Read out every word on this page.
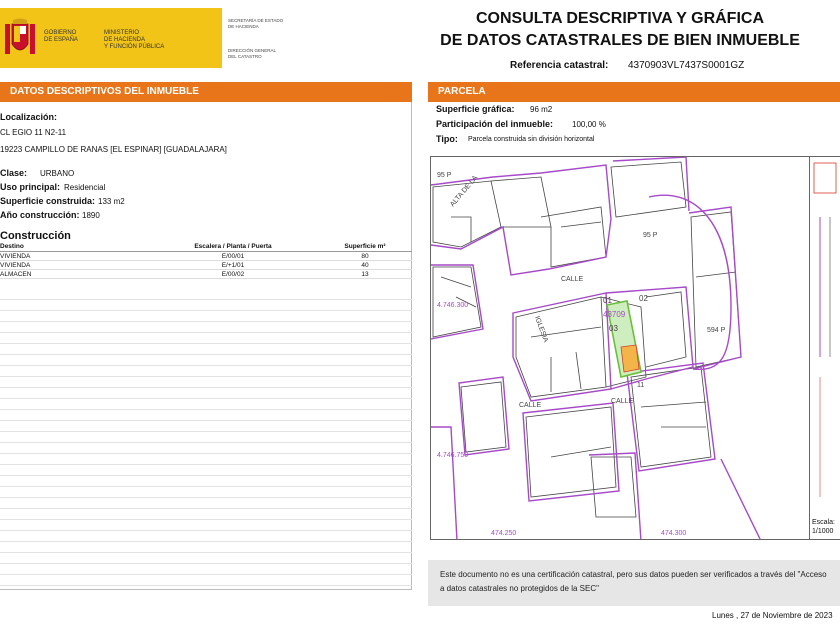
GOBIERNO
DE ESPAÑA
MINISTERIO
DE HACIENDA
Y FUNCIÓN PÚBLICA
SECRETARÍA DE ESTADO
DE HACIENDA
DIRECCIÓN GENERAL
DEL CATASTRO
CONSULTA DESCRIPTIVA Y GRÁFICA
DE DATOS CATASTRALES DE BIEN INMUEBLE
Referencia catastral: 4370903VL7437S0001GZ
DATOS DESCRIPTIVOS DEL INMUEBLE
Localización:
CL EGIO 11 N2-11
19223 CAMPILLO DE RANAS [EL ESPINAR] [GUADALAJARA]
Clase: URBANO
Uso principal: Residencial
Superficie construida: 133 m2
Año construcción: 1890
Construcción
Destino	Escalera / Planta / Puerta	Superficie m²
VIVIENDA	E/00/01	80
VIVIENDA	E/+1/01	40
ALMACEN	E/00/02	13
PARCELA
Superficie gráfica: 96 m2
Participación del inmueble: 100,00 %
Tipo: Parcela construida sin división horizontal
95 P
95 P
01	02
03
43709
4.746.300
474.250	474.300
4.746.750
594 P
11
CALLE
CALLE
CALLE
IGLESIA
ALTA DE LA
Escala:
1/1000
Este documento no es una certificación catastral, pero sus datos pueden ser verificados a través del "Acceso a datos catastrales no protegidos de la SEC"
Lunes , 27 de Noviembre de 2023
